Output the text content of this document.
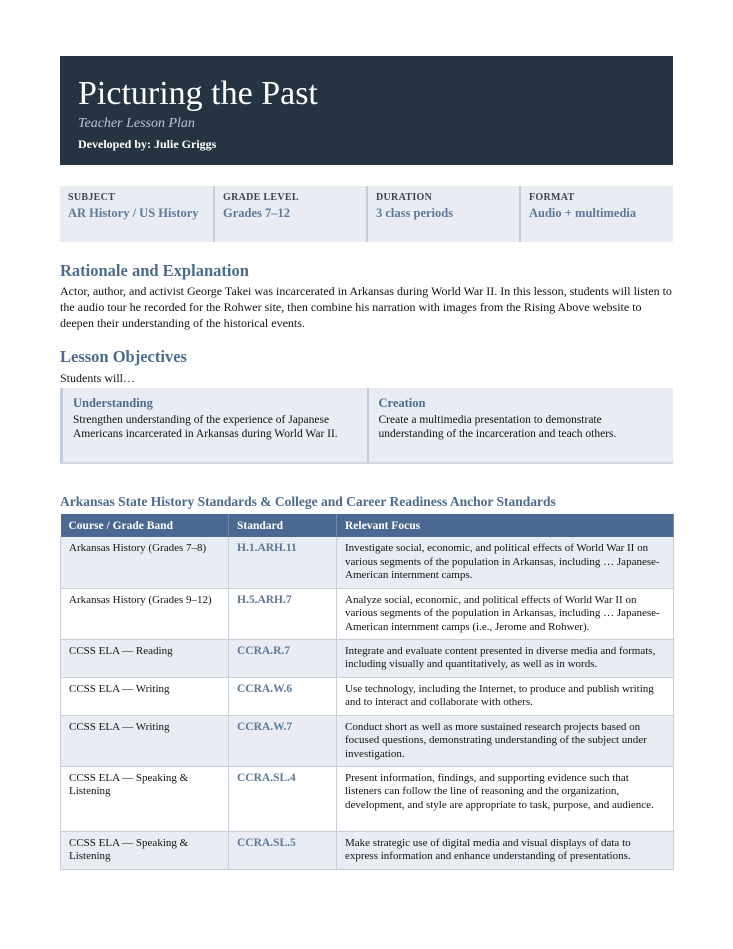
Picturing the Past
Teacher Lesson Plan
Developed by: Julie Griggs
SUBJECT
AR History / US History
GRADE LEVEL
Grades 7–12
DURATION
3 class periods
FORMAT
Audio + multimedia
Rationale and Explanation
Actor, author, and activist George Takei was incarcerated in Arkansas during World War II. In this lesson, students will listen to the audio tour he recorded for the Rohwer site, then combine his narration with images from the Rising Above website to deepen their understanding of the historical events.
Lesson Objectives
Students will…
Understanding
Strengthen understanding of the experience of Japanese Americans incarcerated in Arkansas during World War II.
Creation
Create a multimedia presentation to demonstrate understanding of the incarceration and teach others.
Arkansas State History Standards & College and Career Readiness Anchor Standards
Course / Grade Band	Standard	Relevant Focus
Arkansas History (Grades 7–8)	H.1.ARH.11	Investigate social, economic, and political effects of World War II on various segments of the population in Arkansas, including … Japanese-American internment camps.
Arkansas History (Grades 9–12)	H.5.ARH.7	Analyze social, economic, and political effects of World War II on various segments of the population in Arkansas, including … Japanese-American internment camps (i.e., Jerome and Rohwer).
CCSS ELA — Reading	CCRA.R.7	Integrate and evaluate content presented in diverse media and formats, including visually and quantitatively, as well as in words.
CCSS ELA — Writing	CCRA.W.6	Use technology, including the Internet, to produce and publish writing and to interact and collaborate with others.
CCSS ELA — Writing	CCRA.W.7	Conduct short as well as more sustained research projects based on focused questions, demonstrating understanding of the subject under investigation.
CCSS ELA — Speaking & Listening	CCRA.SL.4	Present information, findings, and supporting evidence such that listeners can follow the line of reasoning and the organization, development, and style are appropriate to task, purpose, and audience.
CCSS ELA — Speaking & Listening	CCRA.SL.5	Make strategic use of digital media and visual displays of data to express information and enhance understanding of presentations.
